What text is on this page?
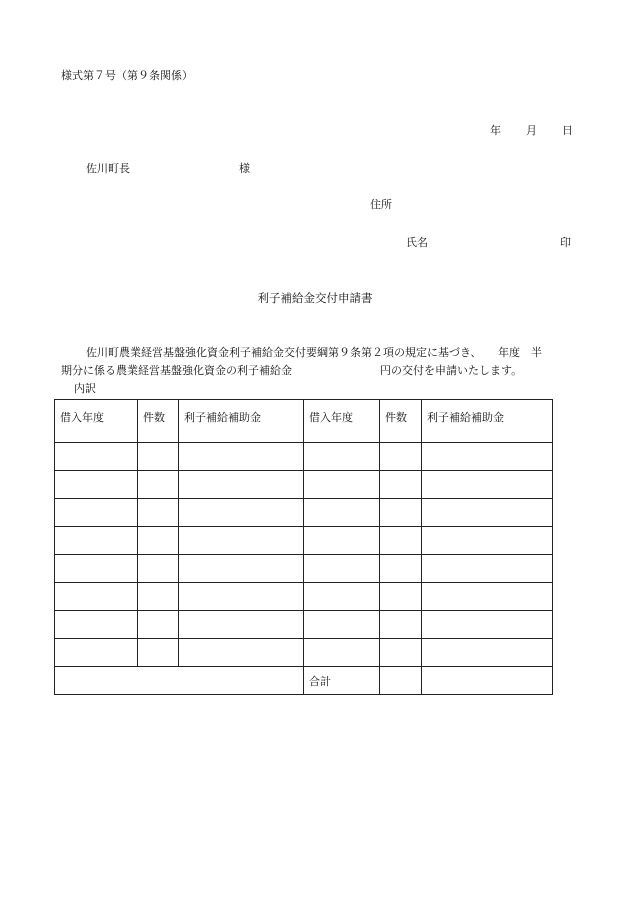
様式第７号（第９条関係）
年 月 日
佐川町長	様
住所
氏名	印
利子補給金交付申請書
佐川町農業経営基盤強化資金利子補給金交付要綱第９条第２項の規定に基づき、　　年度　半
期分に係る農業経営基盤強化資金の利子補給金　　　　　　　　円の交付を申請いたします。
内訳
借入年度	件数	利子補給補助金	借入年度	件数	利子補給補助金

			合計		
